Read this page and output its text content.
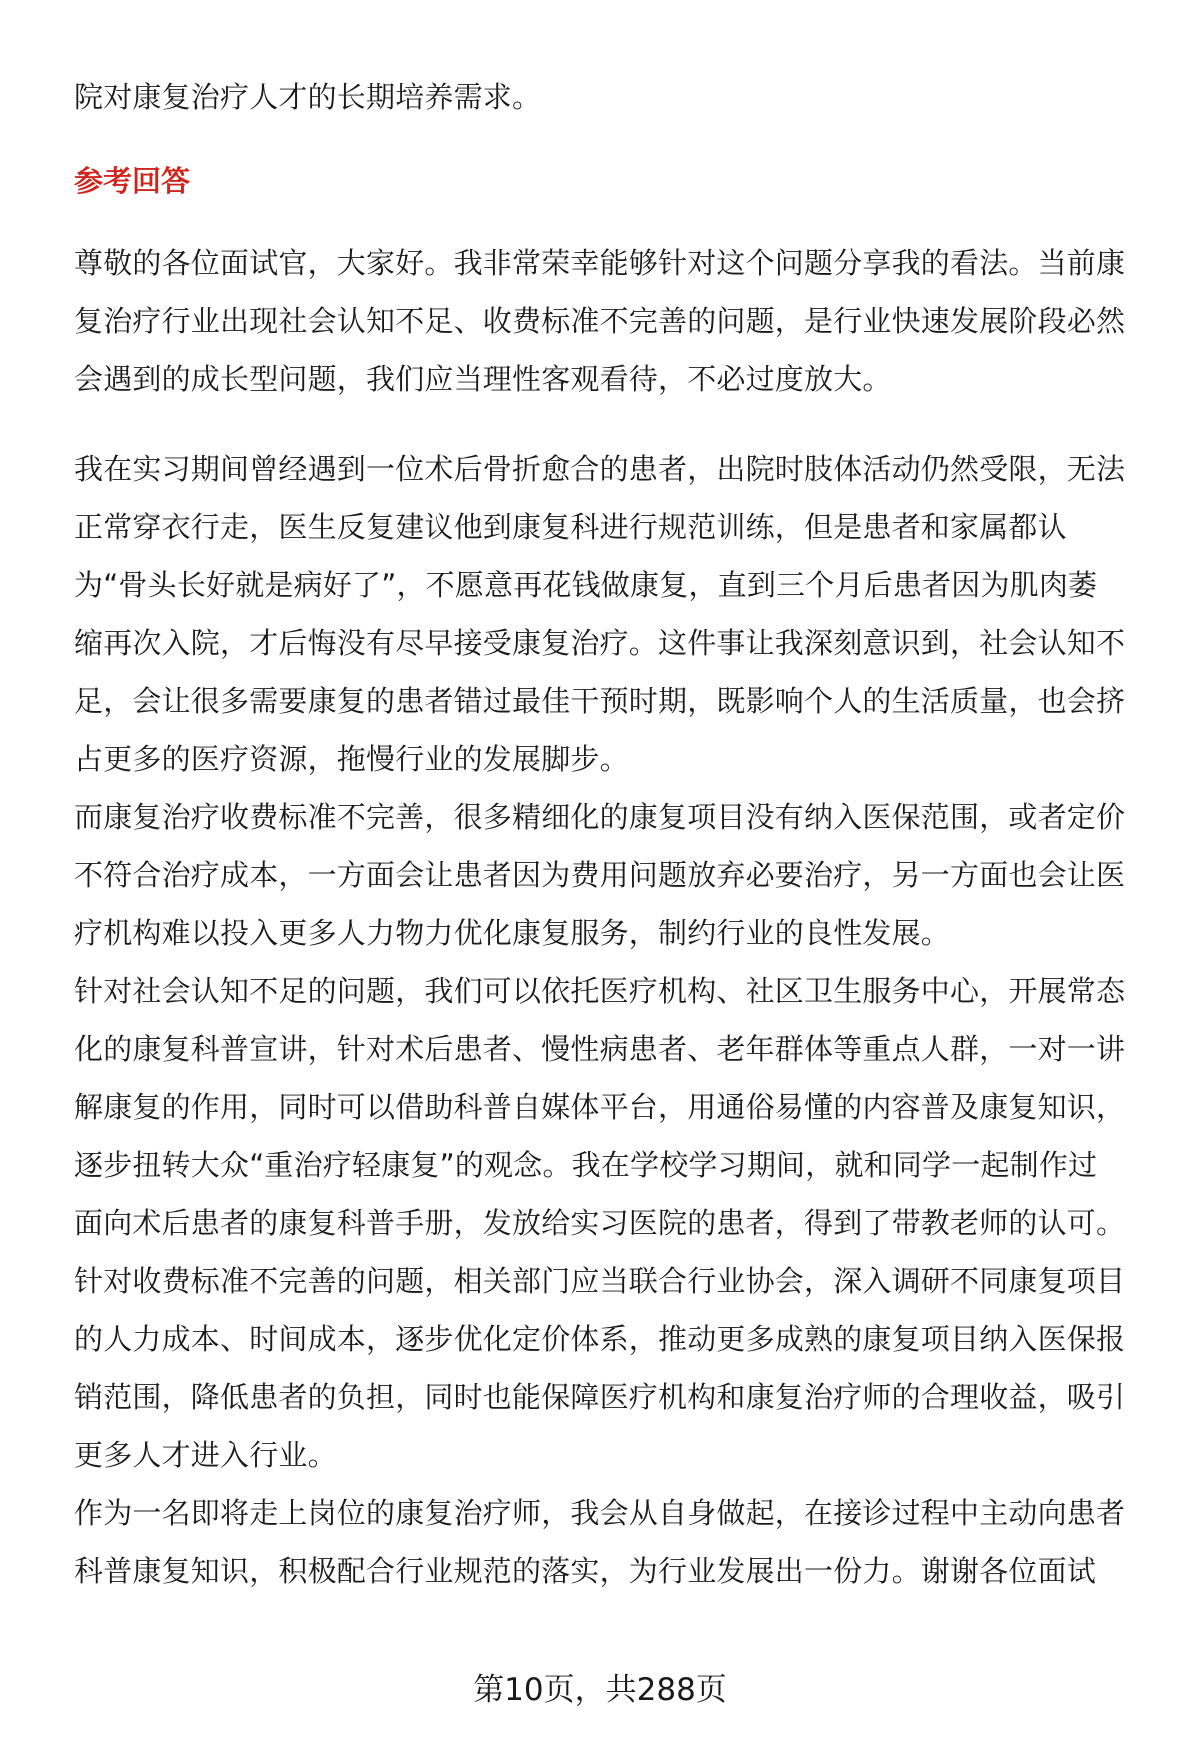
院对康复治疗人才的长期培养需求。
参考回答
尊敬的各位面试官，大家好。我非常荣幸能够针对这个问题分享我的看法。当前康
复治疗行业出现社会认知不足、收费标准不完善的问题，是行业快速发展阶段必然
会遇到的成长型问题，我们应当理性客观看待，不必过度放大。
我在实习期间曾经遇到一位术后骨折愈合的患者，出院时肢体活动仍然受限，无法
正常穿衣行走，医生反复建议他到康复科进行规范训练，但是患者和家属都认
为“骨头长好就是病好了”，不愿意再花钱做康复，直到三个月后患者因为肌肉萎
缩再次入院，才后悔没有尽早接受康复治疗。这件事让我深刻意识到，社会认知不
足，会让很多需要康复的患者错过最佳干预时期，既影响个人的生活质量，也会挤
占更多的医疗资源，拖慢行业的发展脚步。
而康复治疗收费标准不完善，很多精细化的康复项目没有纳入医保范围，或者定价
不符合治疗成本，一方面会让患者因为费用问题放弃必要治疗，另一方面也会让医
疗机构难以投入更多人力物力优化康复服务，制约行业的良性发展。
针对社会认知不足的问题，我们可以依托医疗机构、社区卫生服务中心，开展常态
化的康复科普宣讲，针对术后患者、慢性病患者、老年群体等重点人群，一对一讲
解康复的作用，同时可以借助科普自媒体平台，用通俗易懂的内容普及康复知识，
逐步扭转大众“重治疗轻康复”的观念。我在学校学习期间，就和同学一起制作过
面向术后患者的康复科普手册，发放给实习医院的患者，得到了带教老师的认可。
针对收费标准不完善的问题，相关部门应当联合行业协会，深入调研不同康复项目
的人力成本、时间成本，逐步优化定价体系，推动更多成熟的康复项目纳入医保报
销范围，降低患者的负担，同时也能保障医疗机构和康复治疗师的合理收益，吸引
更多人才进入行业。
作为一名即将走上岗位的康复治疗师，我会从自身做起，在接诊过程中主动向患者
科普康复知识，积极配合行业规范的落实，为行业发展出一份力。谢谢各位面试
第10页，共288页
